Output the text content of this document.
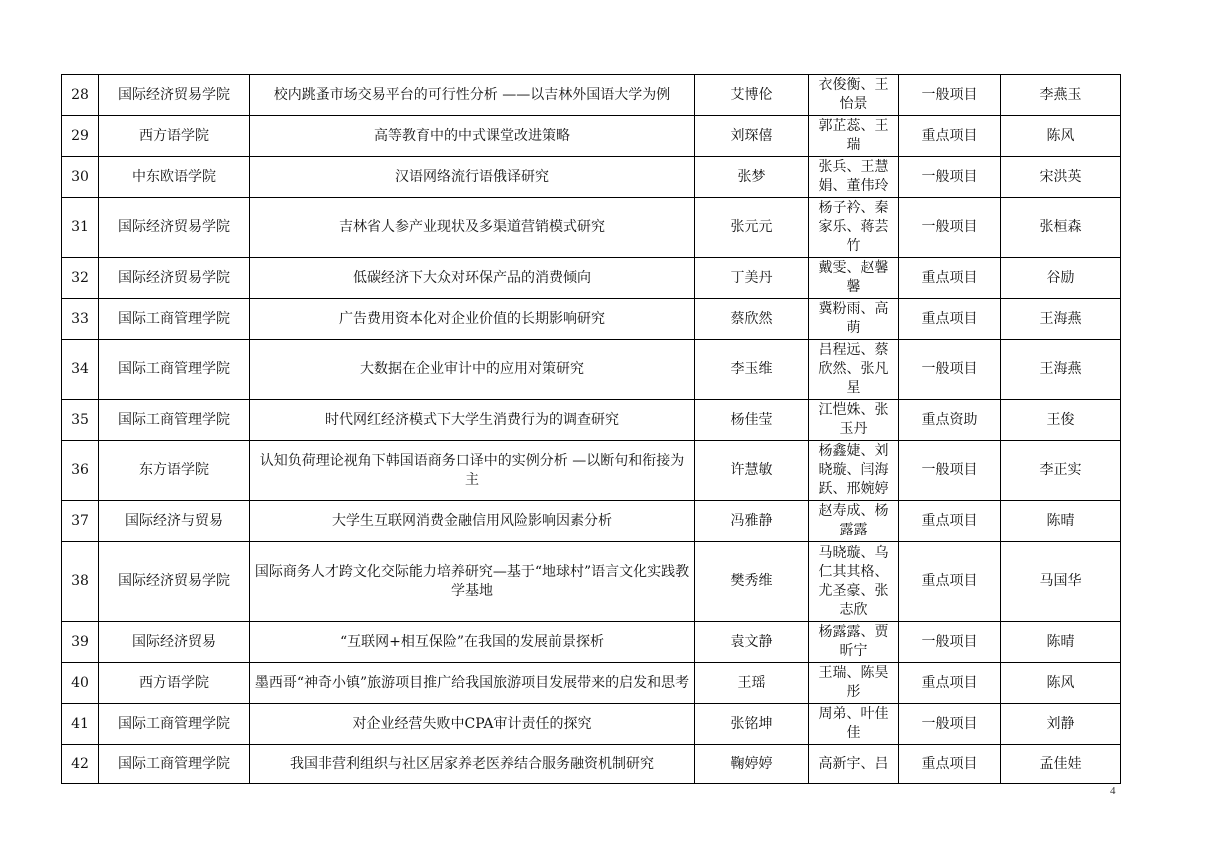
28	国际经济贸易学院	校内跳蚤市场交易平台的可行性分析 ——以吉林外国语大学为例	艾博伦	衣俊衡、王怡景	一般项目	李燕玉
29	西方语学院	高等教育中的中式课堂改进策略	刘琛僖	郭芷蕊、王瑞	重点项目	陈风
30	中东欧语学院	汉语网络流行语俄译研究	张梦	张兵、王慧娟、董伟玲	一般项目	宋洪英
31	国际经济贸易学院	吉林省人参产业现状及多渠道营销模式研究	张元元	杨子衿、秦家乐、蒋芸竹	一般项目	张桓森
32	国际经济贸易学院	低碳经济下大众对环保产品的消费倾向	丁美丹	戴雯、赵馨馨	重点项目	谷励
33	国际工商管理学院	广告费用资本化对企业价值的长期影响研究	蔡欣然	冀粉雨、高萌	重点项目	王海燕
34	国际工商管理学院	大数据在企业审计中的应用对策研究	李玉维	吕程远、蔡欣然、张凡星	一般项目	王海燕
35	国际工商管理学院	时代网红经济模式下大学生消费行为的调查研究	杨佳莹	江恺姝、张玉丹	重点资助	王俊
36	东方语学院	认知负荷理论视角下韩国语商务口译中的实例分析 —以断句和衔接为主	许慧敏	杨鑫婕、刘晓璇、闫海跃、邢婉婷	一般项目	李正实
37	国际经济与贸易	大学生互联网消费金融信用风险影响因素分析	冯雅静	赵寿成、杨露露	重点项目	陈晴
38	国际经济贸易学院	国际商务人才跨文化交际能力培养研究—基于“地球村”语言文化实践教学基地	樊秀维	马晓璇、乌仁其其格、尤圣豪、张志欣	重点项目	马国华
39	国际经济贸易	“互联网+相互保险”在我国的发展前景探析	袁文静	杨露露、贾昕宁	一般项目	陈晴
40	西方语学院	墨西哥“神奇小镇”旅游项目推广给我国旅游项目发展带来的启发和思考	王瑶	王瑞、陈昊彤	重点项目	陈风
41	国际工商管理学院	对企业经营失败中CPA审计责任的探究	张铭坤	周弟、叶佳佳	一般项目	刘静
42	国际工商管理学院	我国非营利组织与社区居家养老医养结合服务融资机制研究	鞠婷婷	高新宇、吕	重点项目	孟佳娃
4
